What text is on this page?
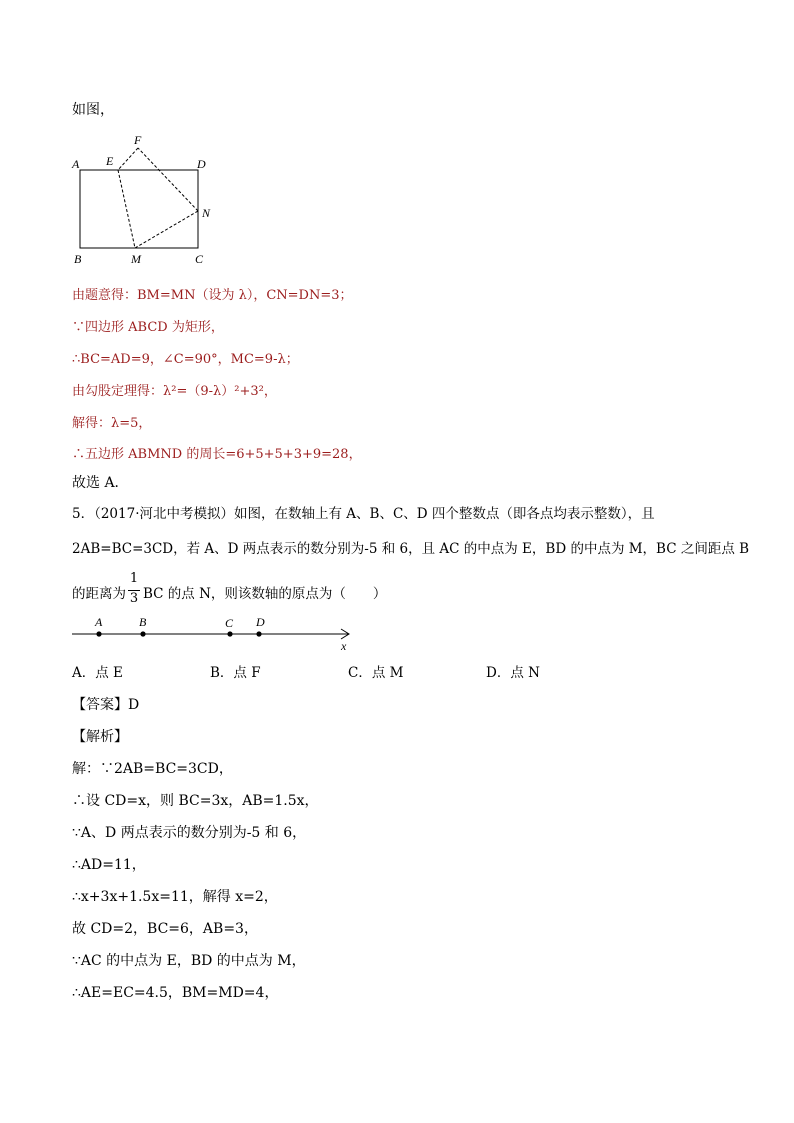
如图，
A E
F
D
N
B	M	C
由题意得：BM=MN（设为 λ），CN=DN=3；
∵四边形 ABCD 为矩形，
∴BC=AD=9，∠C=90°，MC=9-λ；
由勾股定理得：λ²=（9-λ）²+3²，
解得：λ=5，
∴五边形 ABMND 的周长=6+5+5+3+9=28，
故选 A．
5．（2017·河北中考模拟）如图，在数轴上有 A、B、C、D 四个整数点（即各点均表示整数），且
2AB=BC=3CD，若 A、D 两点表示的数分别为-5 和 6，且 AC 的中点为 E，BD 的中点为 M，BC 之间距点 B
的距离为
1
3 BC 的点 N，则该数轴的原点为（　　）
A	B	C D
x
A．点 E	B．点 F	C．点 M	D．点 N
【答案】D
【解析】
解：∵2AB=BC=3CD，
∴设 CD=x，则 BC=3x，AB=1.5x，
∵A、D 两点表示的数分别为-5 和 6，
∴AD=11，
∴x+3x+1.5x=11，解得 x=2，
故 CD=2，BC=6，AB=3，
∵AC 的中点为 E，BD 的中点为 M，
∴AE=EC=4.5，BM=MD=4，
